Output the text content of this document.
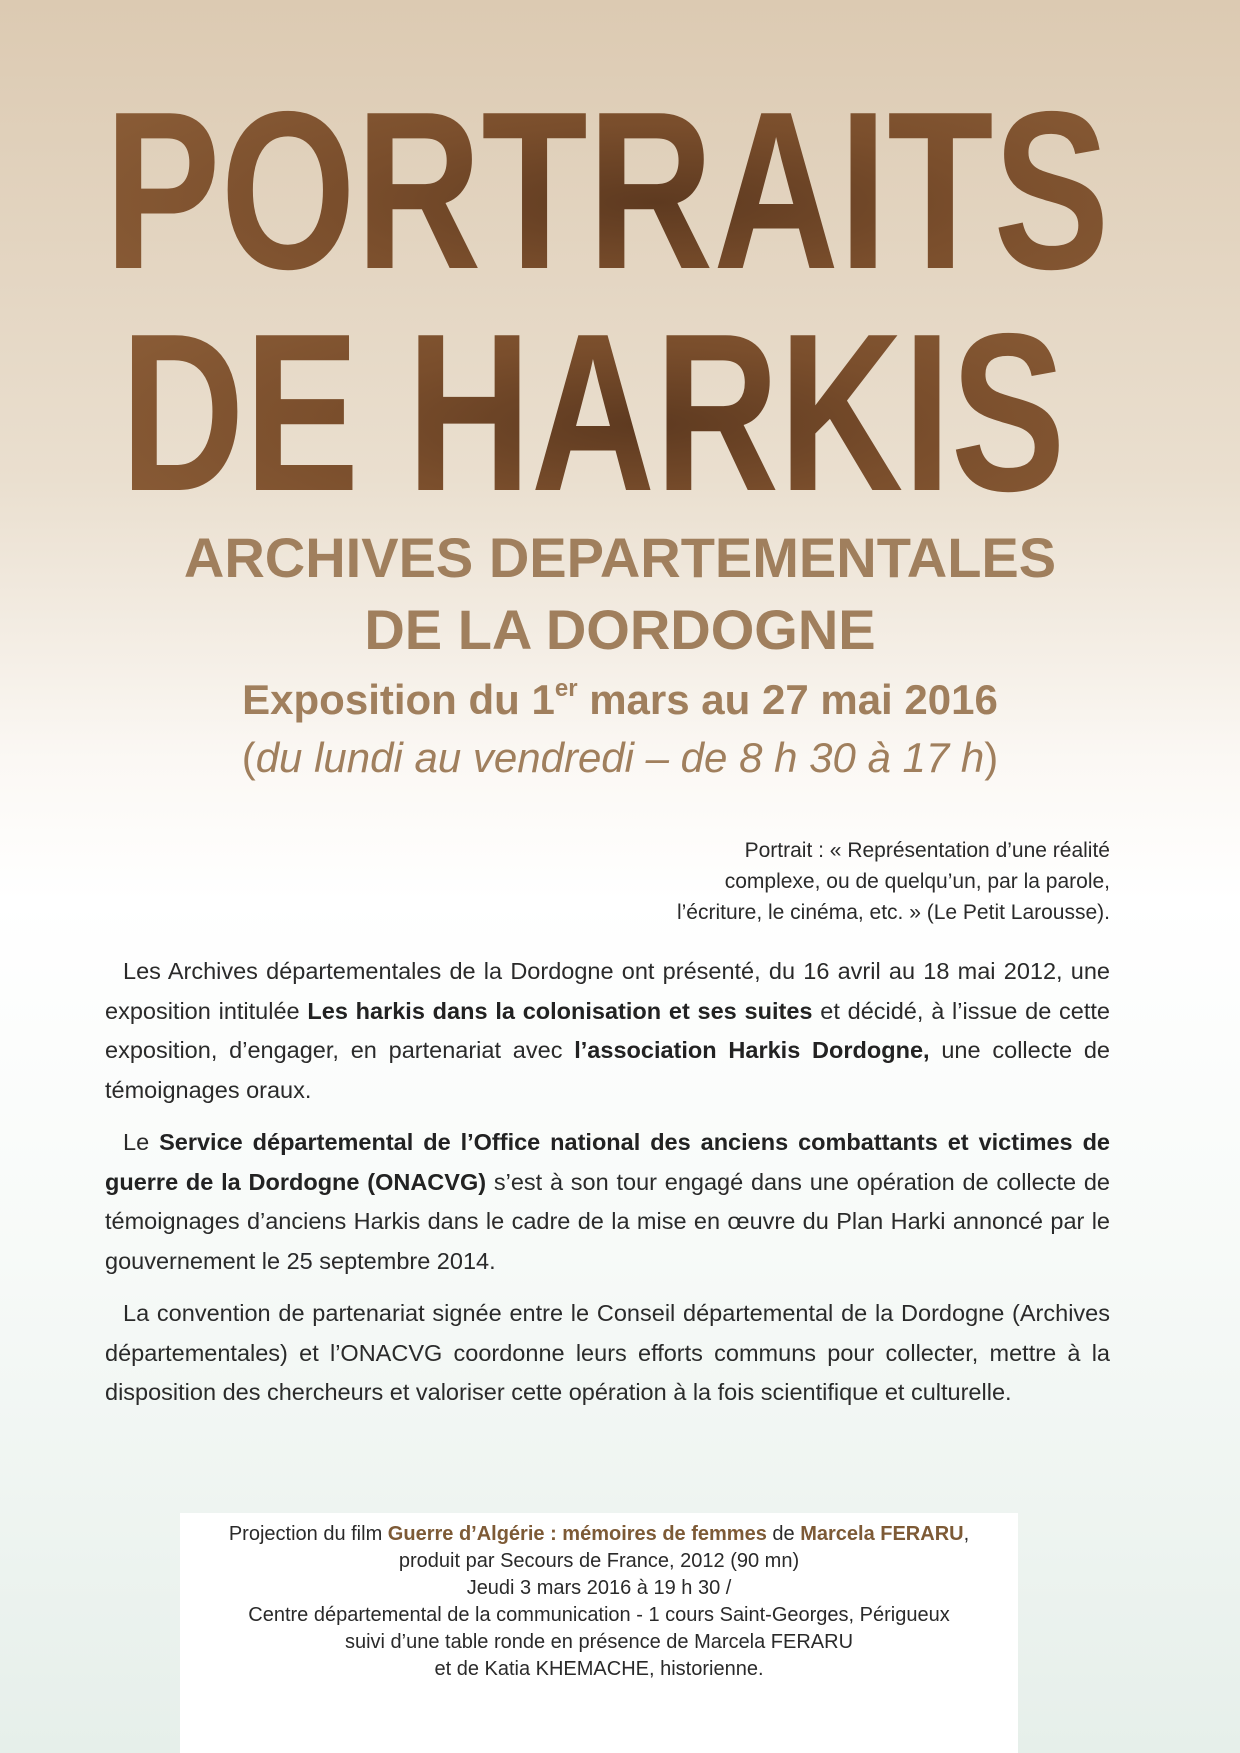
PORTRAITS
DE HARKIS
ARCHIVES DEPARTEMENTALES
DE LA DORDOGNE
Exposition du 1er mars au 27 mai 2016
(du lundi au vendredi – de 8 h 30 à 17 h)
Portrait : « Représentation d’une réalité
complexe, ou de quelqu’un, par la parole,
l’écriture, le cinéma, etc. » (Le Petit Larousse).

Les Archives départementales de la Dordogne ont présenté, du 16 avril au 18 mai 2012, une exposition intitulée Les harkis dans la colonisation et ses suites et décidé, à l’issue de cette exposition, d’engager, en partenariat avec l’association Harkis Dordogne, une collecte de témoignages oraux.

Le Service départemental de l’Office national des anciens combattants et victimes de guerre de la Dordogne (ONACVG) s’est à son tour engagé dans une opération de collecte de témoignages d’anciens Harkis dans le cadre de la mise en œuvre du Plan Harki annoncé par le gouvernement le 25 septembre 2014.

La convention de partenariat signée entre le Conseil départemental de la Dordogne (Archives départementales) et l’ONACVG coordonne leurs efforts communs pour collecter, mettre à la disposition des chercheurs et valoriser cette opération à la fois scientifique et culturelle.

Projection du film Guerre d’Algérie : mémoires de femmes de Marcela FERARU,
produit par Secours de France, 2012 (90 mn)
Jeudi 3 mars 2016 à 19 h 30 /
Centre départemental de la communication - 1 cours Saint-Georges, Périgueux
suivi d’une table ronde en présence de Marcela FERARU
et de Katia KHEMACHE, historienne.
